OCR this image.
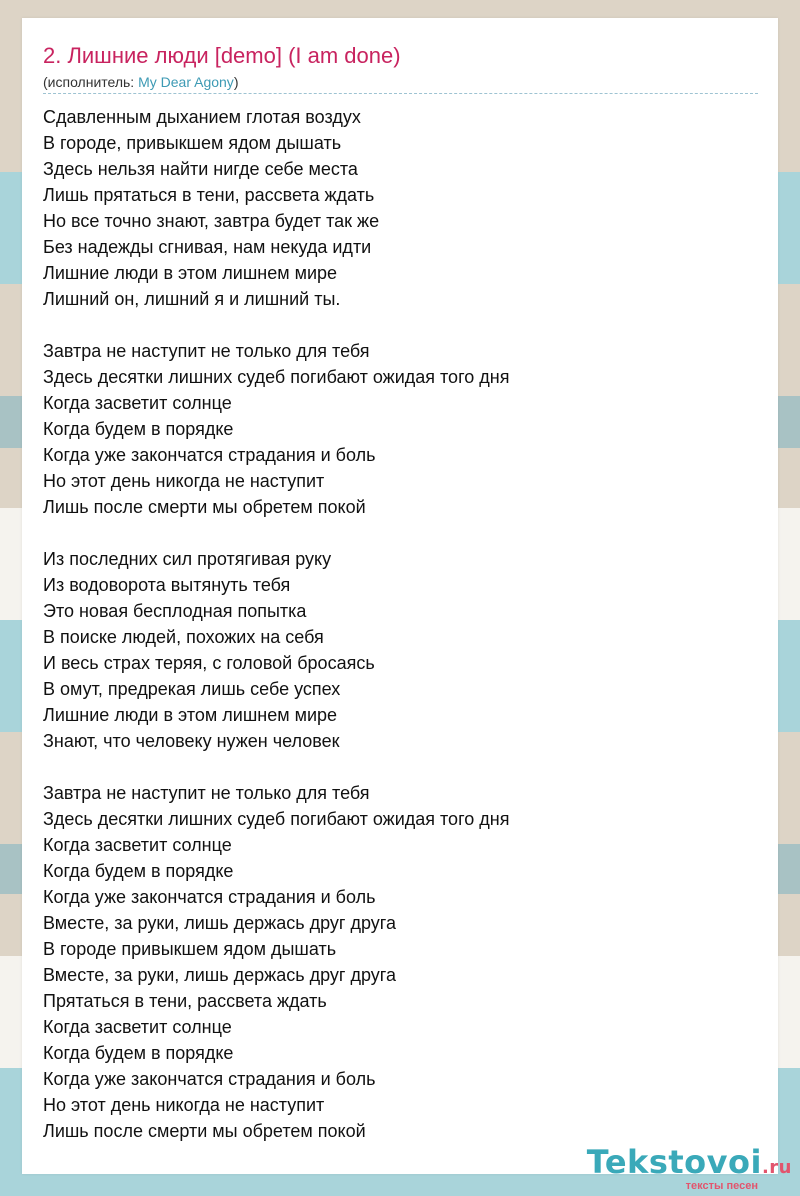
2. Лишние люди [demo] (I am done)
(исполнитель: My Dear Agony)
Сдавленным дыханием глотая воздух
В городе, привыкшем ядом дышать
Здесь нельзя найти нигде себе места
Лишь прятаться в тени, рассвета ждать
Но все точно знают, завтра будет так же
Без надежды сгнивая, нам некуда идти
Лишние люди в этом лишнем мире
Лишний он, лишний я и лишний ты.
Завтра не наступит не только для тебя
Здесь десятки лишних судеб погибают ожидая того дня
Когда засветит солнце
Когда будем в порядке
Когда уже закончатся страдания и боль
Но этот день никогда не наступит
Лишь после смерти мы обретем покой
Из последних сил протягивая руку
Из водоворота вытянуть тебя
Это новая бесплодная попытка
В поиске людей, похожих на себя
И весь страх теряя, с головой бросаясь
В омут, предрекая лишь себе успех
Лишние люди в этом лишнем мире
Знают, что человеку нужен человек
Завтра не наступит не только для тебя
Здесь десятки лишних судеб погибают ожидая того дня
Когда засветит солнце
Когда будем в порядке
Когда уже закончатся страдания и боль
Вместе, за руки, лишь держась друг друга
В городе привыкшем ядом дышать
Вместе, за руки, лишь держась друг друга
Прятаться в тени, рассвета ждать
Когда засветит солнце
Когда будем в порядке
Когда уже закончатся страдания и боль
Но этот день никогда не наступит
Лишь после смерти мы обретем покой
Tekstovoi.ru
тексты песен
